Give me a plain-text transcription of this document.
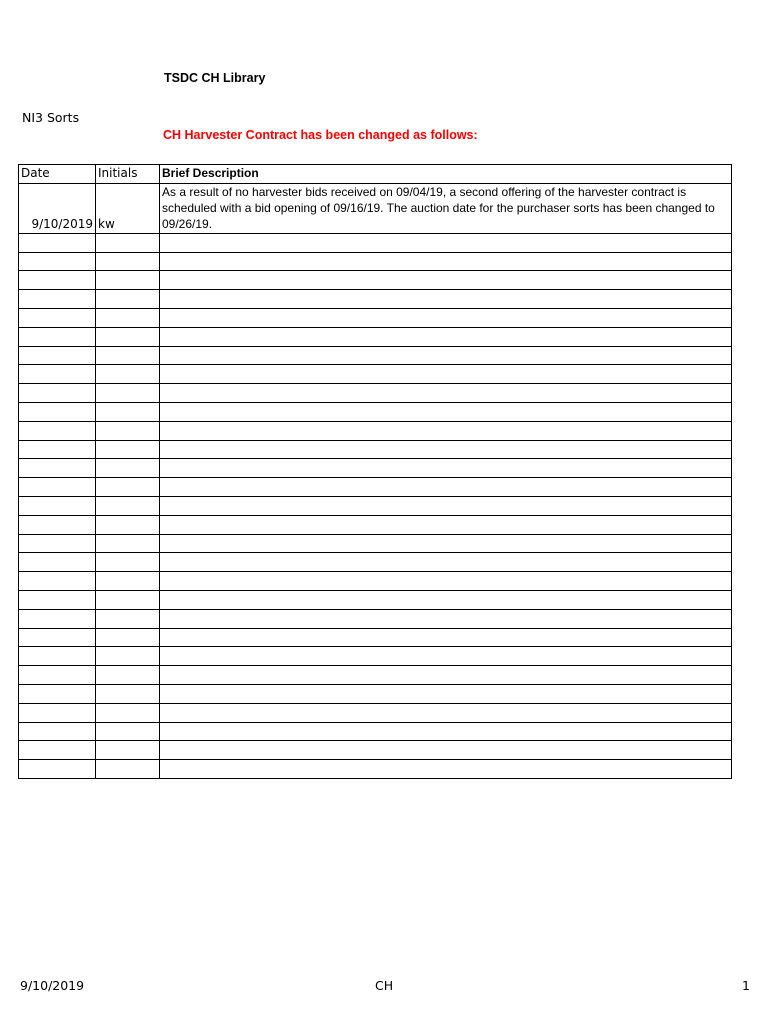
TSDC CH Library
NI3 Sorts
CH Harvester Contract has been changed as follows:
Date	Initials	Brief Description
9/10/2019	kw	As a result of no harvester bids received on 09/04/19, a second offering of the harvester contract is scheduled with a bid opening of 09/16/19. The auction date for the purchaser sorts has been changed to 09/26/19.

9/10/2019	CH	1
